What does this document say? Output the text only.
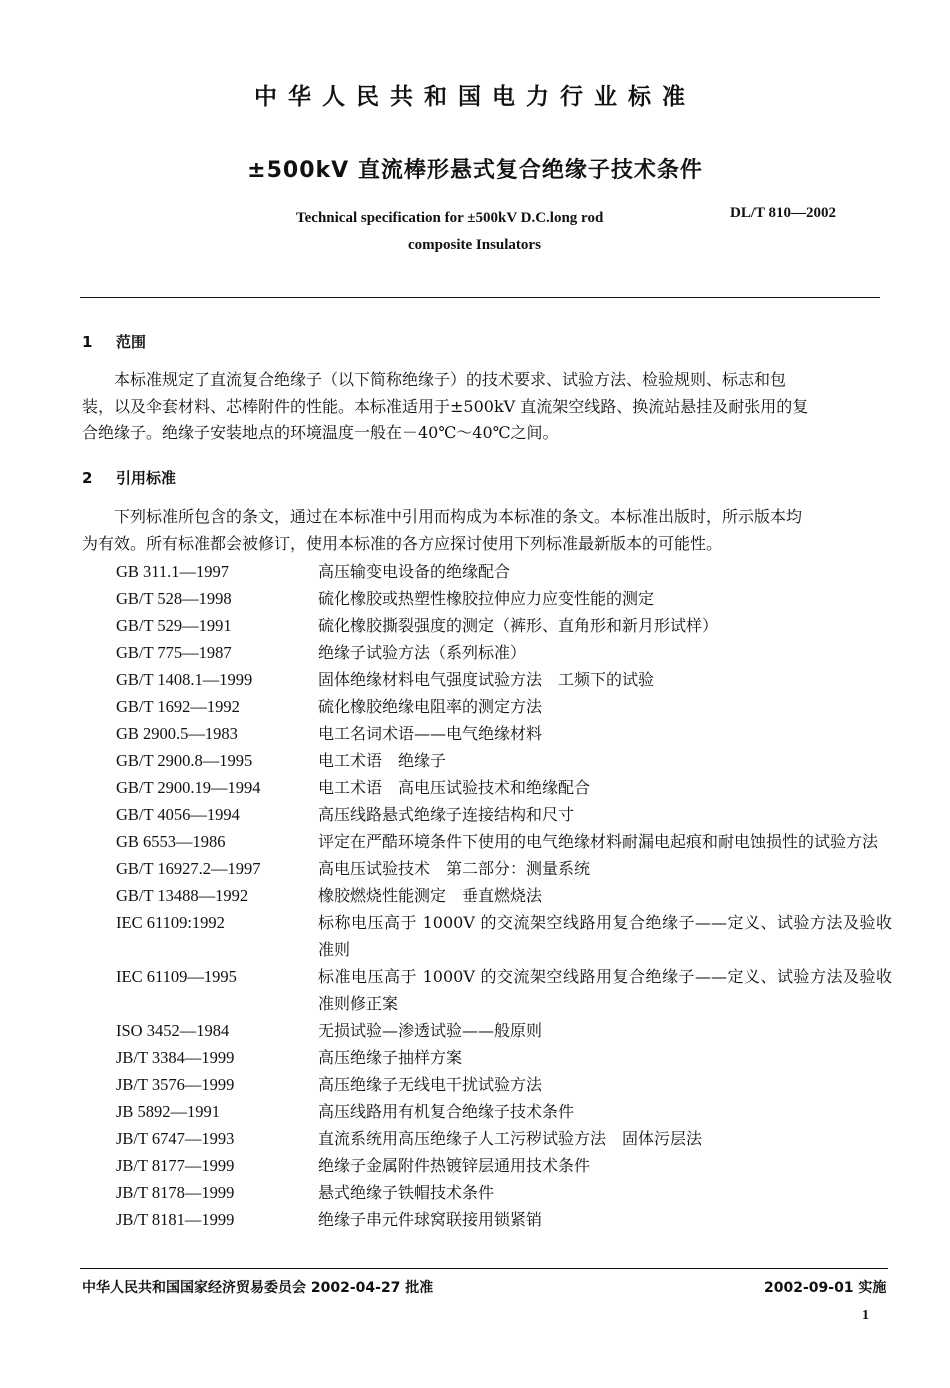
中华人民共和国电力行业标准
±500kV 直流棒形悬式复合绝缘子技术条件
Technical specification for ±500kV D.C.long rod
composite Insulators
DL/T 810—2002
1 范围
本标准规定了直流复合绝缘子（以下简称绝缘子）的技术要求、试验方法、检验规则、标志和包
装，以及伞套材料、芯棒附件的性能。本标准适用于±500kV 直流架空线路、换流站悬挂及耐张用的复
合绝缘子。绝缘子安装地点的环境温度一般在－40℃～40℃之间。
2 引用标准
下列标准所包含的条文，通过在本标准中引用而构成为本标准的条文。本标准出版时，所示版本均
为有效。所有标准都会被修订，使用本标准的各方应探讨使用下列标准最新版本的可能性。
GB 311.1—1997	高压输变电设备的绝缘配合
GB/T 528—1998	硫化橡胶或热塑性橡胶拉伸应力应变性能的测定
GB/T 529—1991	硫化橡胶撕裂强度的测定（裤形、直角形和新月形试样）
GB/T 775—1987	绝缘子试验方法（系列标准）
GB/T 1408.1—1999	固体绝缘材料电气强度试验方法　工频下的试验
GB/T 1692—1992	硫化橡胶绝缘电阻率的测定方法
GB 2900.5—1983	电工名词术语——电气绝缘材料
GB/T 2900.8—1995	电工术语　绝缘子
GB/T 2900.19—1994	电工术语　高电压试验技术和绝缘配合
GB/T 4056—1994	高压线路悬式绝缘子连接结构和尺寸
GB 6553—1986	评定在严酷环境条件下使用的电气绝缘材料耐漏电起痕和耐电蚀损性的试验方法
GB/T 16927.2—1997	高电压试验技术　第二部分：测量系统
GB/T 13488—1992	橡胶燃烧性能测定　垂直燃烧法
IEC 61109:1992	标称电压高于 1000V 的交流架空线路用复合绝缘子——定义、试验方法及验收准则
IEC 61109—1995	标准电压高于 1000V 的交流架空线路用复合绝缘子——定义、试验方法及验收准则修正案
ISO 3452—1984	无损试验—渗透试验——般原则
JB/T 3384—1999	高压绝缘子抽样方案
JB/T 3576—1999	高压绝缘子无线电干扰试验方法
JB 5892—1991	高压线路用有机复合绝缘子技术条件
JB/T 6747—1993	直流系统用高压绝缘子人工污秽试验方法　固体污层法
JB/T 8177—1999	绝缘子金属附件热镀锌层通用技术条件
JB/T 8178—1999	悬式绝缘子铁帽技术条件
JB/T 8181—1999	绝缘子串元件球窝联接用锁紧销
中华人民共和国国家经济贸易委员会 2002-04-27 批准	2002-09-01 实施
1
